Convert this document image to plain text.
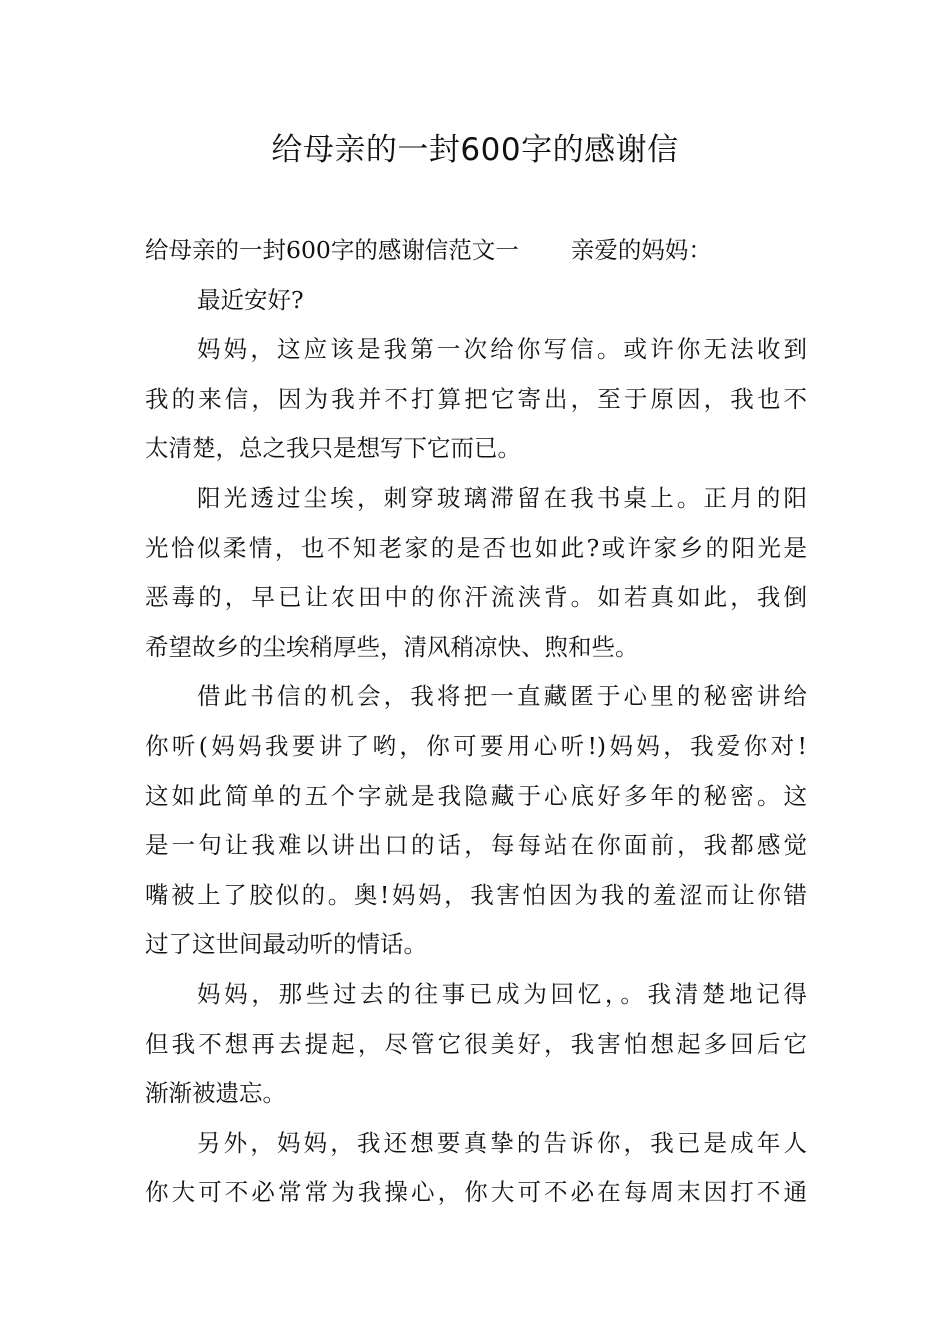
给母亲的一封600字的感谢信
给母亲的一封600字的感谢信范文一 亲爱的妈妈：
最近安好?
妈妈，这应该是我第一次给你写信。或许你无法收到
我的来信，因为我并不打算把它寄出，至于原因，我也不
太清楚，总之我只是想写下它而已。
阳光透过尘埃，刺穿玻璃滞留在我书桌上。正月的阳
光恰似柔情，也不知老家的是否也如此?或许家乡的阳光是
恶毒的，早已让农田中的你汗流浃背。如若真如此，我倒
希望故乡的尘埃稍厚些，清风稍凉快、煦和些。
借此书信的机会，我将把一直藏匿于心里的秘密讲给
你听(妈妈我要讲了哟，你可要用心听!)妈妈，我爱你对!
这如此简单的五个字就是我隐藏于心底好多年的秘密。这
是一句让我难以讲出口的话，每每站在你面前，我都感觉
嘴被上了胶似的。奥!妈妈，我害怕因为我的羞涩而让你错
过了这世间最动听的情话。
妈妈，那些过去的往事已成为回忆，。我清楚地记得
但我不想再去提起，尽管它很美好，我害怕想起多回后它
渐渐被遗忘。
另外，妈妈，我还想要真挚的告诉你，我已是成年人
你大可不必常常为我操心，你大可不必在每周末因打不通
